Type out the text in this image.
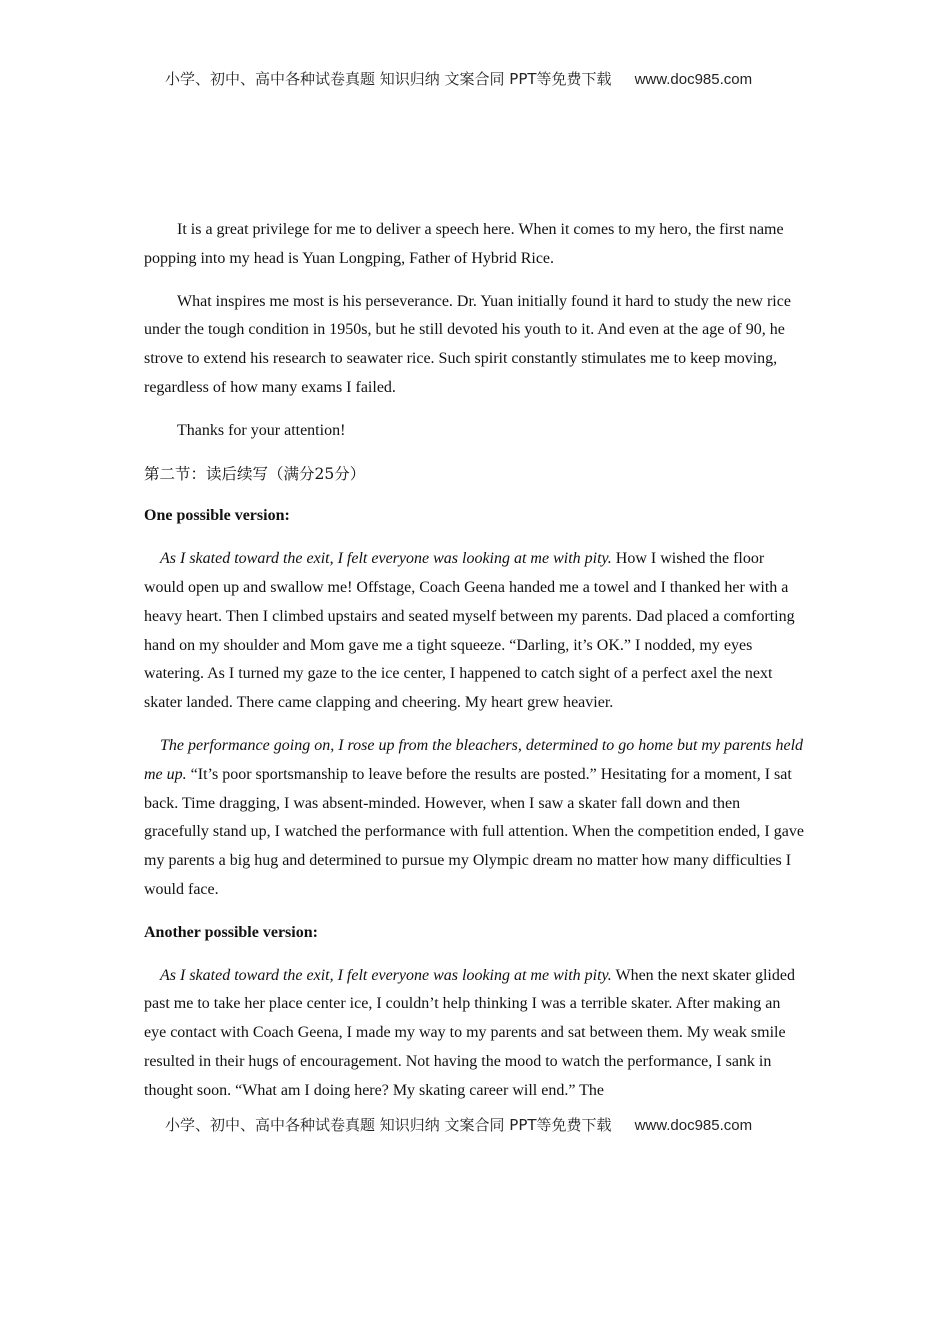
小学、初中、高中各种试卷真题 知识归纳 文案合同 PPT等免费下载 www.doc985.com

It is a great privilege for me to deliver a speech here. When it comes to my hero, the first name popping into my head is Yuan Longping, Father of Hybrid Rice.

What inspires me most is his perseverance. Dr. Yuan initially found it hard to study the new rice under the tough condition in 1950s, but he still devoted his youth to it. And even at the age of 90, he strove to extend his research to seawater rice. Such spirit constantly stimulates me to keep moving, regardless of how many exams I failed.

Thanks for your attention!

第二节：读后续写（满分25分）

One possible version:

As I skated toward the exit, I felt everyone was looking at me with pity. How I wished the floor would open up and swallow me! Offstage, Coach Geena handed me a towel and I thanked her with a heavy heart. Then I climbed upstairs and seated myself between my parents. Dad placed a comforting hand on my shoulder and Mom gave me a tight squeeze. “Darling, it’s OK.” I nodded, my eyes watering. As I turned my gaze to the ice center, I happened to catch sight of a perfect axel the next skater landed. There came clapping and cheering. My heart grew heavier.

The performance going on, I rose up from the bleachers, determined to go home but my parents held me up. “It’s poor sportsmanship to leave before the results are posted.” Hesitating for a moment, I sat back. Time dragging, I was absent-minded. However, when I saw a skater fall down and then gracefully stand up, I watched the performance with full attention. When the competition ended, I gave my parents a big hug and determined to pursue my Olympic dream no matter how many difficulties I would face.

Another possible version:

As I skated toward the exit, I felt everyone was looking at me with pity. When the next skater glided past me to take her place center ice, I couldn’t help thinking I was a terrible skater. After making an eye contact with Coach Geena, I made my way to my parents and sat between them. My weak smile resulted in their hugs of encouragement. Not having the mood to watch the performance, I sank in thought soon. “What am I doing here? My skating career will end.” The

小学、初中、高中各种试卷真题 知识归纳 文案合同 PPT等免费下载 www.doc985.com
